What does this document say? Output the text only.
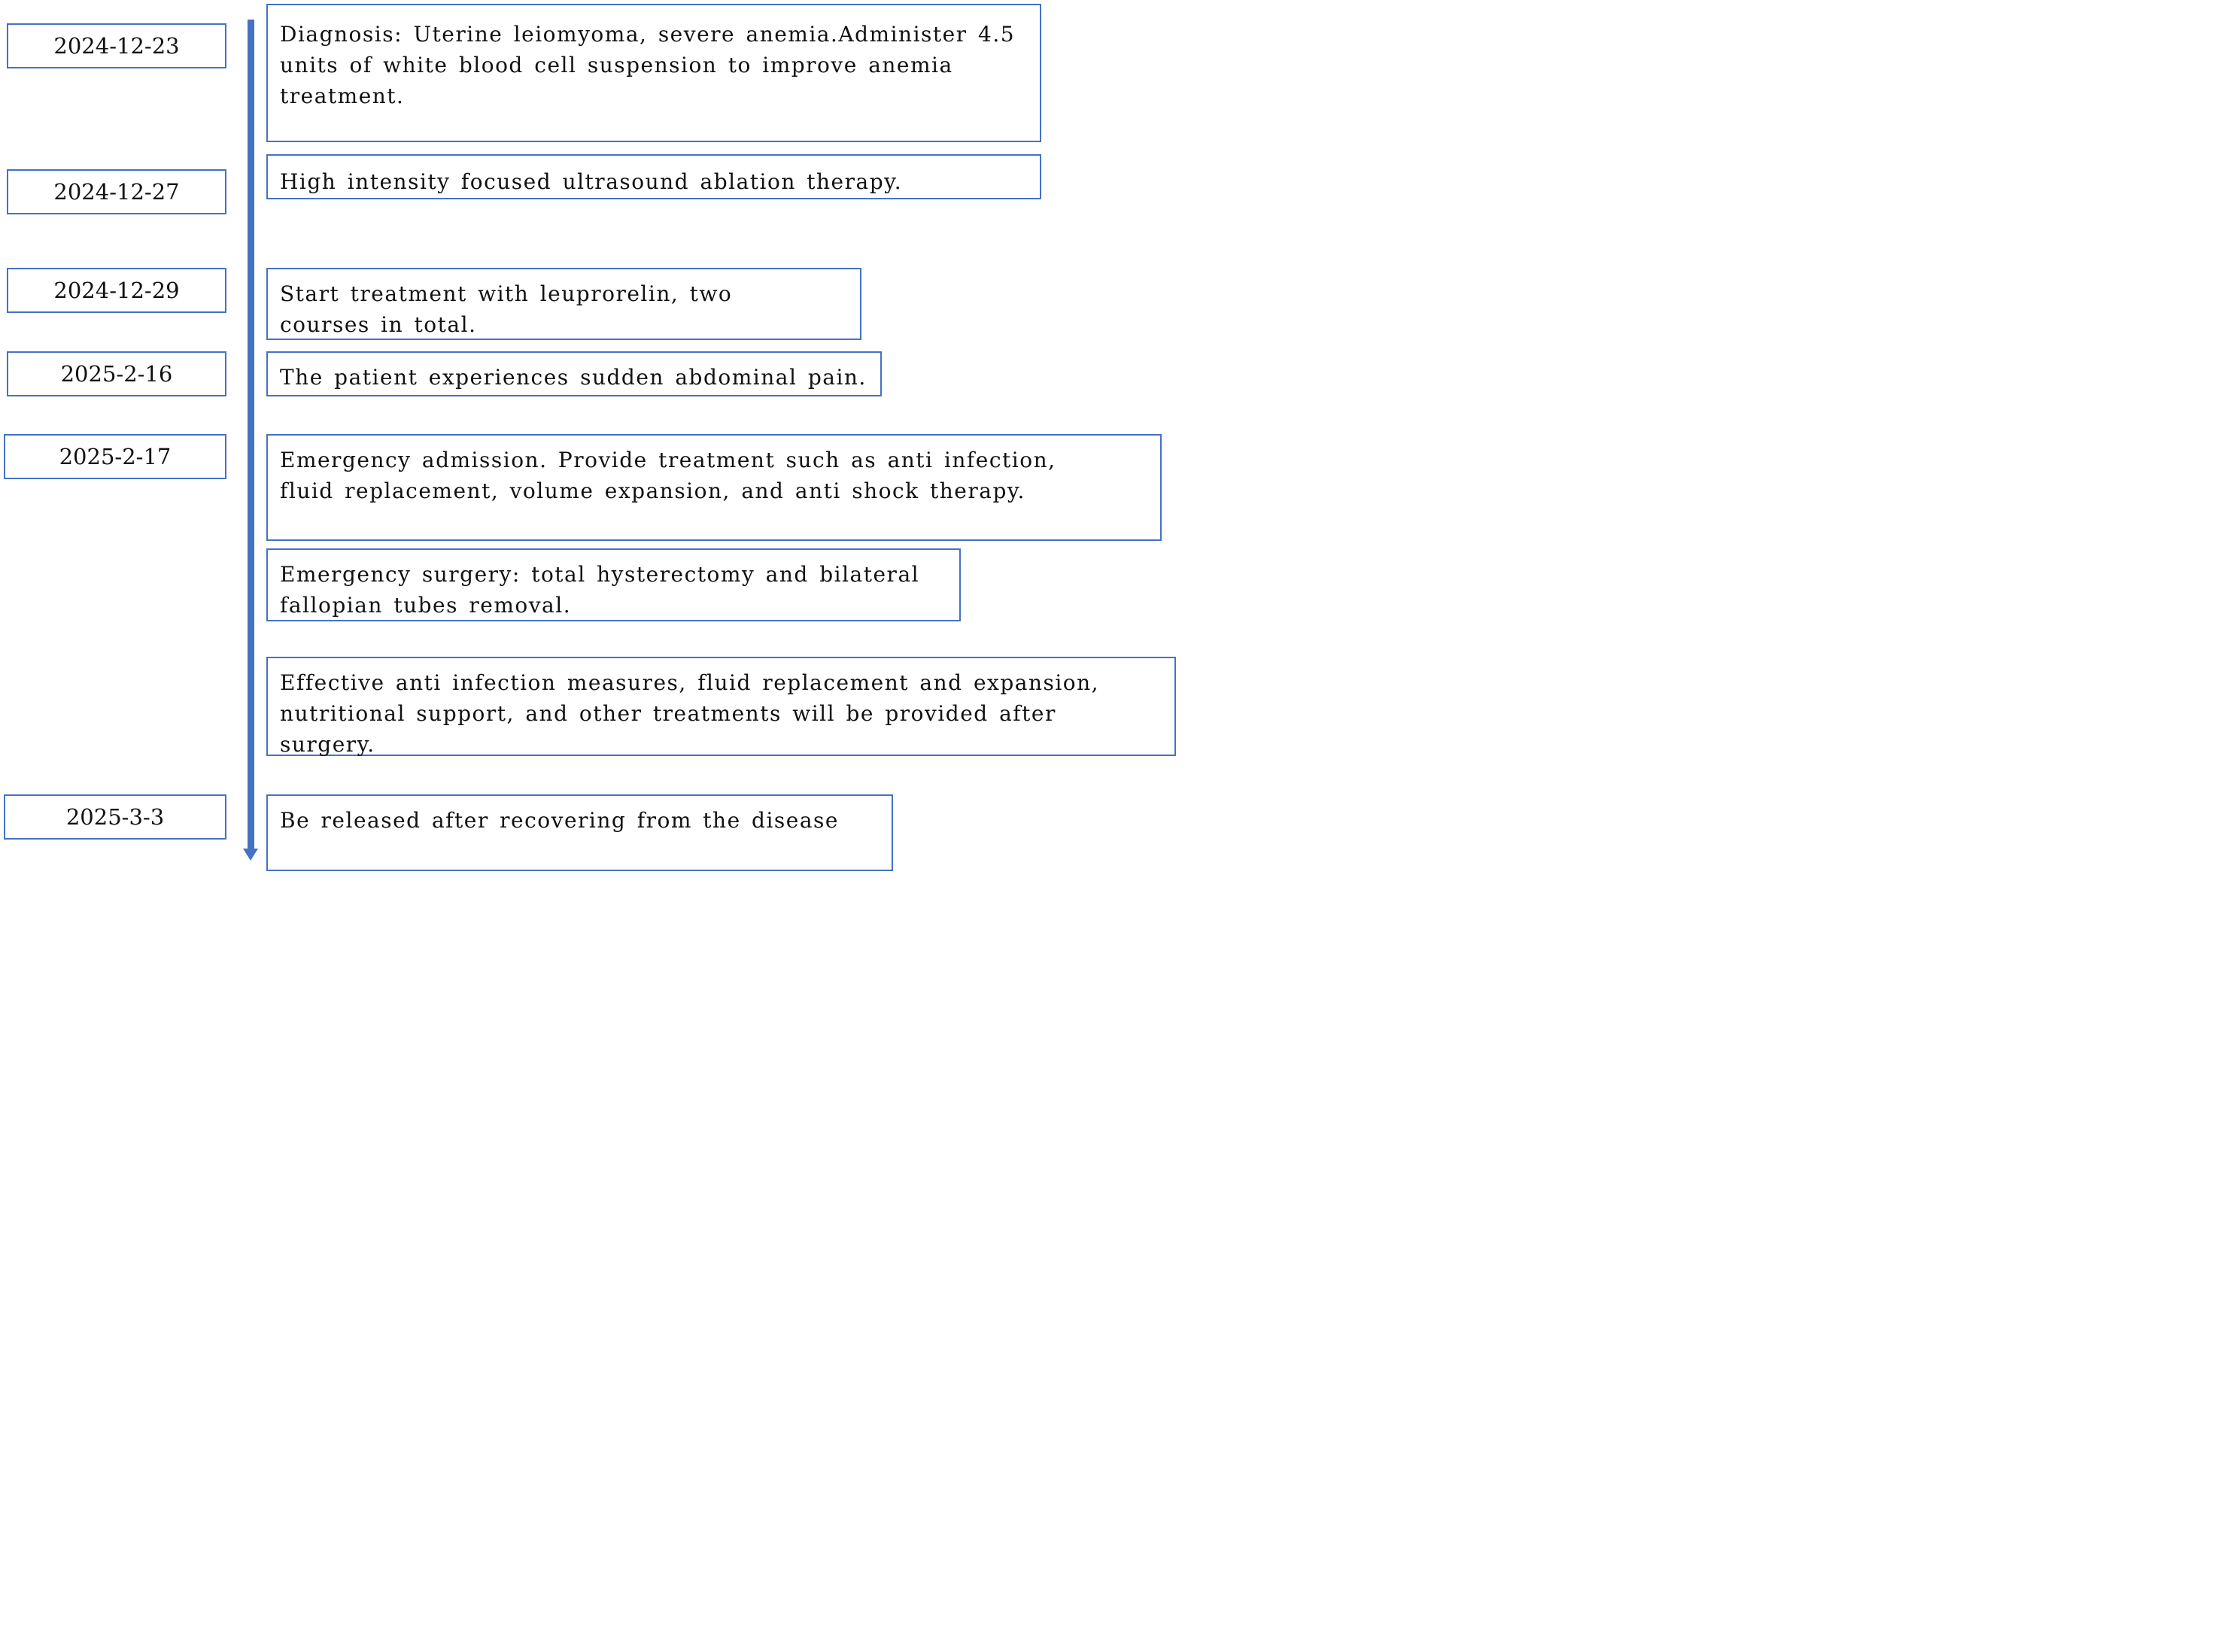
2024-12-23
2024-12-27
2024-12-29
2025-2-16
2025-2-17
2025-3-3
Diagnosis: Uterine leiomyoma, severe anemia.Administer 4.5
units of white blood cell suspension to improve anemia
treatment.
High intensity focused ultrasound ablation therapy.
Start treatment with leuprorelin, two
courses in total.
The patient experiences sudden abdominal pain.
Emergency admission. Provide treatment such as anti infection,
fluid replacement, volume expansion, and anti shock therapy.
Emergency surgery: total hysterectomy and bilateral
fallopian tubes removal.
Effective anti infection measures, fluid replacement and expansion,
nutritional support, and other treatments will be provided after
surgery.
Be released after recovering from the disease
